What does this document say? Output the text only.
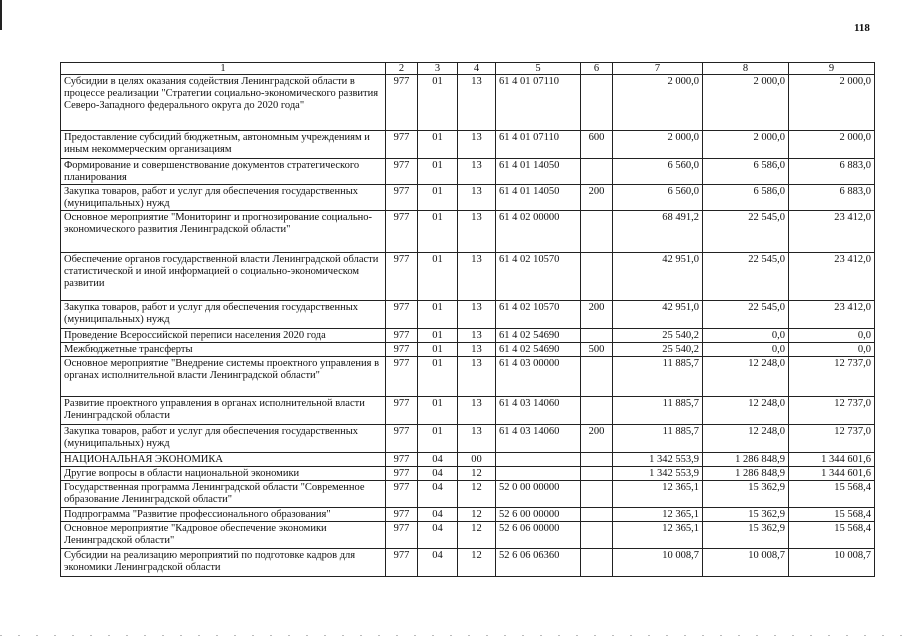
118
1	2	3	4	5	6	7	8	9
Субсидии в целях оказания содействия Ленинградской области в процессе реализации "Стратегии социально-экономического развития Северо-Западного федерального округа до 2020 года"	977	01	13	61 4 01 07110		2 000,0	2 000,0	2 000,0
Предоставление субсидий бюджетным, автономным учреждениям и иным некоммерческим организациям	977	01	13	61 4 01 07110	600	2 000,0	2 000,0	2 000,0
Формирование и совершенствование документов стратегического планирования	977	01	13	61 4 01 14050		6 560,0	6 586,0	6 883,0
Закупка товаров, работ и услуг для обеспечения государственных (муниципальных) нужд	977	01	13	61 4 01 14050	200	6 560,0	6 586,0	6 883,0
Основное мероприятие "Мониторинг и прогнозирование социально-экономического развития Ленинградской области"	977	01	13	61 4 02 00000		68 491,2	22 545,0	23 412,0
Обеспечение органов государственной власти Ленинградской области статистической и иной информацией о социально-экономическом развитии	977	01	13	61 4 02 10570		42 951,0	22 545,0	23 412,0
Закупка товаров, работ и услуг для обеспечения государственных (муниципальных) нужд	977	01	13	61 4 02 10570	200	42 951,0	22 545,0	23 412,0
Проведение Всероссийской переписи населения 2020 года	977	01	13	61 4 02 54690		25 540,2	0,0	0,0
Межбюджетные трансферты	977	01	13	61 4 02 54690	500	25 540,2	0,0	0,0
Основное мероприятие "Внедрение системы проектного управления в органах исполнительной власти Ленинградской области"	977	01	13	61 4 03 00000		11 885,7	12 248,0	12 737,0
Развитие проектного управления в органах исполнительной власти Ленинградской области	977	01	13	61 4 03 14060		11 885,7	12 248,0	12 737,0
Закупка товаров, работ и услуг для обеспечения государственных (муниципальных) нужд	977	01	13	61 4 03 14060	200	11 885,7	12 248,0	12 737,0
НАЦИОНАЛЬНАЯ ЭКОНОМИКА	977	04	00			1 342 553,9	1 286 848,9	1 344 601,6
Другие вопросы в области национальной экономики	977	04	12			1 342 553,9	1 286 848,9	1 344 601,6
Государственная программа Ленинградской области "Современное образование Ленинградской области"	977	04	12	52 0 00 00000		12 365,1	15 362,9	15 568,4
Подпрограмма "Развитие профессионального образования"	977	04	12	52 6 00 00000		12 365,1	15 362,9	15 568,4
Основное мероприятие "Кадровое обеспечение экономики Ленинградской области"	977	04	12	52 6 06 00000		12 365,1	15 362,9	15 568,4
Субсидии на реализацию мероприятий по подготовке кадров для экономики Ленинградской области	977	04	12	52 6 06 06360		10 008,7	10 008,7	10 008,7
